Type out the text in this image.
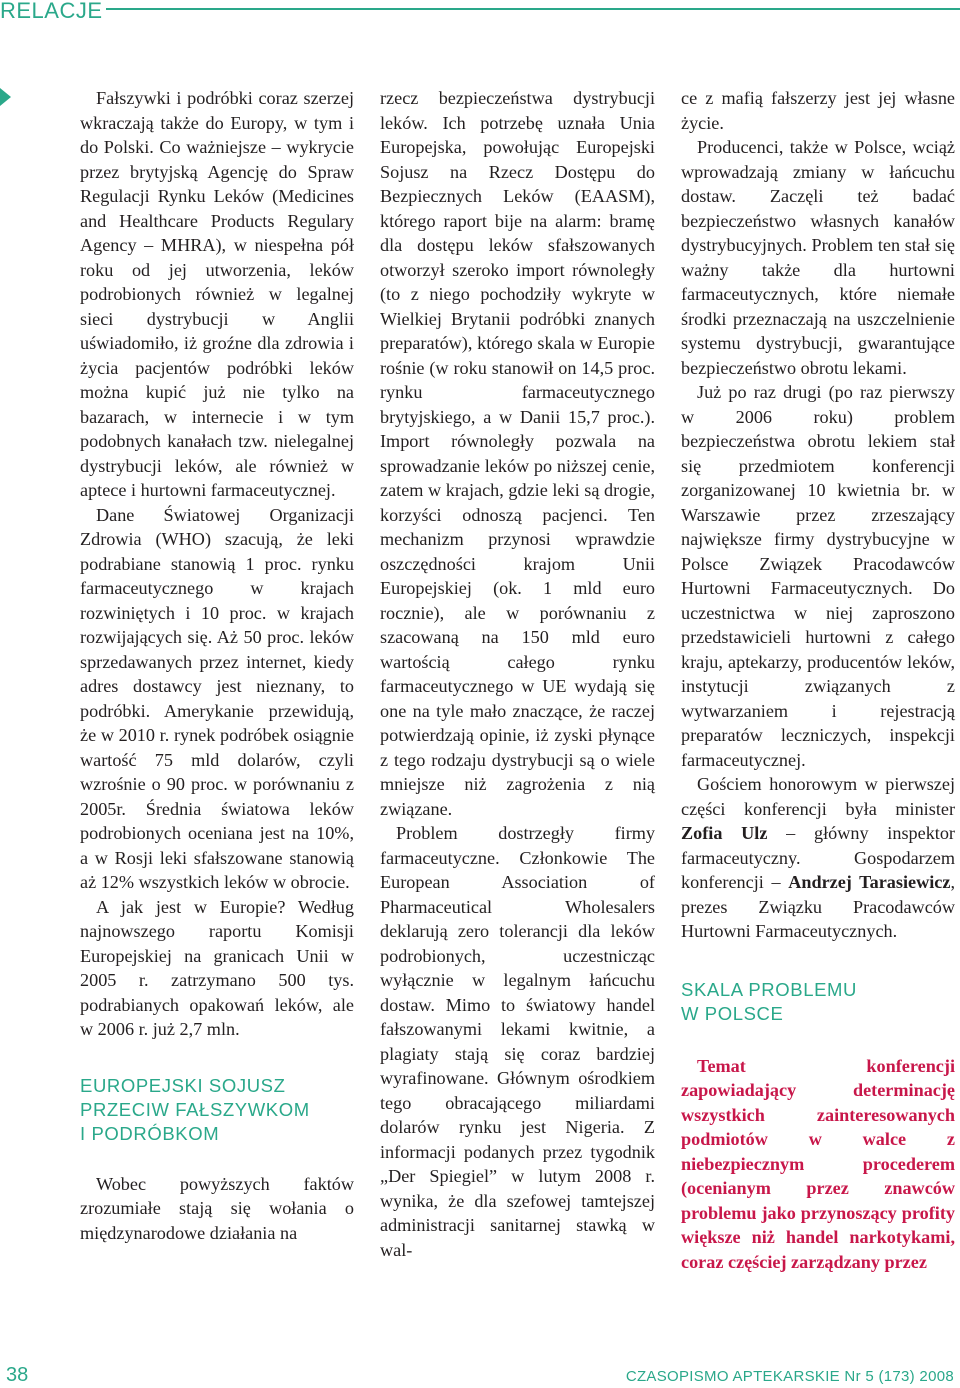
RELACJE

Fałszywki i podróbki coraz szerzej wkraczają także do Europy, w tym i do Polski. Co ważniejsze – wykrycie przez brytyjską Agencję do Spraw Regulacji Rynku Leków (Medicines and Healthcare Products Regulary Agency – MHRA), w niespełna pół roku od jej utworzenia, leków podrobionych również w legalnej sieci dystrybucji w Anglii uświadomiło, iż groźne dla zdrowia i życia pacjentów podróbki leków można kupić już nie tylko na bazarach, w internecie i w tym podobnych kanałach tzw. nielegalnej dystrybucji leków, ale również w aptece i hurtowni farmaceutycznej.

Dane Światowej Organizacji Zdrowia (WHO) szacują, że leki podrabiane stanowią 1 proc. rynku farmaceutycznego w krajach rozwiniętych i 10 proc. w krajach rozwijających się. Aż 50 proc. leków sprzedawanych przez internet, kiedy adres dostawcy jest nieznany, to podróbki. Amerykanie przewidują, że w 2010 r. rynek podróbek osiągnie wartość 75 mld dolarów, czyli wzrośnie o 90 proc. w porównaniu z 2005r. Średnia światowa leków podrobionych oceniana jest na 10%, a w Rosji leki sfałszowane stanowią aż 12% wszystkich leków w obrocie.

A jak jest w Europie? Według najnowszego raportu Komisji Europejskiej na granicach Unii w 2005 r. zatrzymano 500 tys. podrabianych opakowań leków, ale w 2006 r. już 2,7 mln.

EUROPEJSKI SOJUSZ
PRZECIW FAŁSZYWKOM
I PODRÓBKOM

Wobec powyższych faktów zrozumiałe stają się wołania o międzynarodowe działania na

rzecz bezpieczeństwa dystrybucji leków. Ich potrzebę uznała Unia Europejska, powołując Europejski Sojusz na Rzecz Dostępu do Bezpiecznych Leków (EAASM), którego raport bije na alarm: bramę dla dostępu leków sfałszowanych otworzył szeroko import równoległy (to z niego pochodziły wykryte w Wielkiej Brytanii podróbki znanych preparatów), którego skala w Europie rośnie (w roku stanowił on 14,5 proc. rynku farmaceutycznego brytyjskiego, a w Danii 15,7 proc.). Import równoległy pozwala na sprowadzanie leków po niższej cenie, zatem w krajach, gdzie leki są drogie, korzyści odnoszą pacjenci. Ten mechanizm przynosi wprawdzie oszczędności krajom Unii Europejskiej (ok. 1 mld euro rocznie), ale w porównaniu z szacowaną na 150 mld euro wartością całego rynku farmaceutycznego w UE wydają się one na tyle mało znaczące, że raczej potwierdzają opinie, iż zyski płynące z tego rodzaju dystrybucji są o wiele mniejsze niż zagrożenia z nią związane.

Problem dostrzegły firmy farmaceutyczne. Członkowie The European Association of Pharmaceutical Wholesalers deklarują zero tolerancji dla leków podrobionych, uczestnicząc wyłącznie w legalnym łańcuchu dostaw. Mimo to światowy handel fałszowanymi lekami kwitnie, a plagiaty stają się coraz bardziej wyrafinowane. Głównym ośrodkiem tego obracającego miliardami dolarów rynku jest Nigeria. Z informacji podanych przez tygodnik „Der Spiegiel” w lutym 2008 r. wynika, że dla szefowej tamtejszej administracji sanitarnej stawką w wal-

ce z mafią fałszerzy jest jej własne życie.

Producenci, także w Polsce, wciąż wprowadzają zmiany w łańcuchu dostaw. Zaczęli też badać bezpieczeństwo własnych kanałów dystrybucyjnych. Problem ten stał się ważny także dla hurtowni farmaceutycznych, które niemałe środki przeznaczają na uszczelnienie systemu dystrybucji, gwarantujące bezpieczeństwo obrotu lekami.

Już po raz drugi (po raz pierwszy w 2006 roku) problem bezpieczeństwa obrotu lekiem stał się przedmiotem konferencji zorganizowanej 10 kwietnia br. w Warszawie przez zrzeszający największe firmy dystrybucyjne w Polsce Związek Pracodawców Hurtowni Farmaceutycznych. Do uczestnictwa w niej zaproszono przedstawicieli hurtowni z całego kraju, aptekarzy, producentów leków, instytucji związanych z wytwarzaniem i rejestracją preparatów leczniczych, inspekcji farmaceutycznej.

Gościem honorowym w pierwszej części konferencji była minister Zofia Ulz – główny inspektor farmaceutyczny. Gospodarzem konferencji – Andrzej Tarasiewicz, prezes Związku Pracodawców Hurtowni Farmaceutycznych.

SKALA PROBLEMU
W POLSCE

Temat konferencji zapowiadający determinację wszystkich zainteresowanych podmiotów w walce z niebezpiecznym procederem (ocenianym przez znawców problemu jako przynoszący profity większe niż handel narkotykami, coraz częściej zarządzany przez

38	CZASOPISMO APTEKARSKIE Nr 5 (173) 2008
